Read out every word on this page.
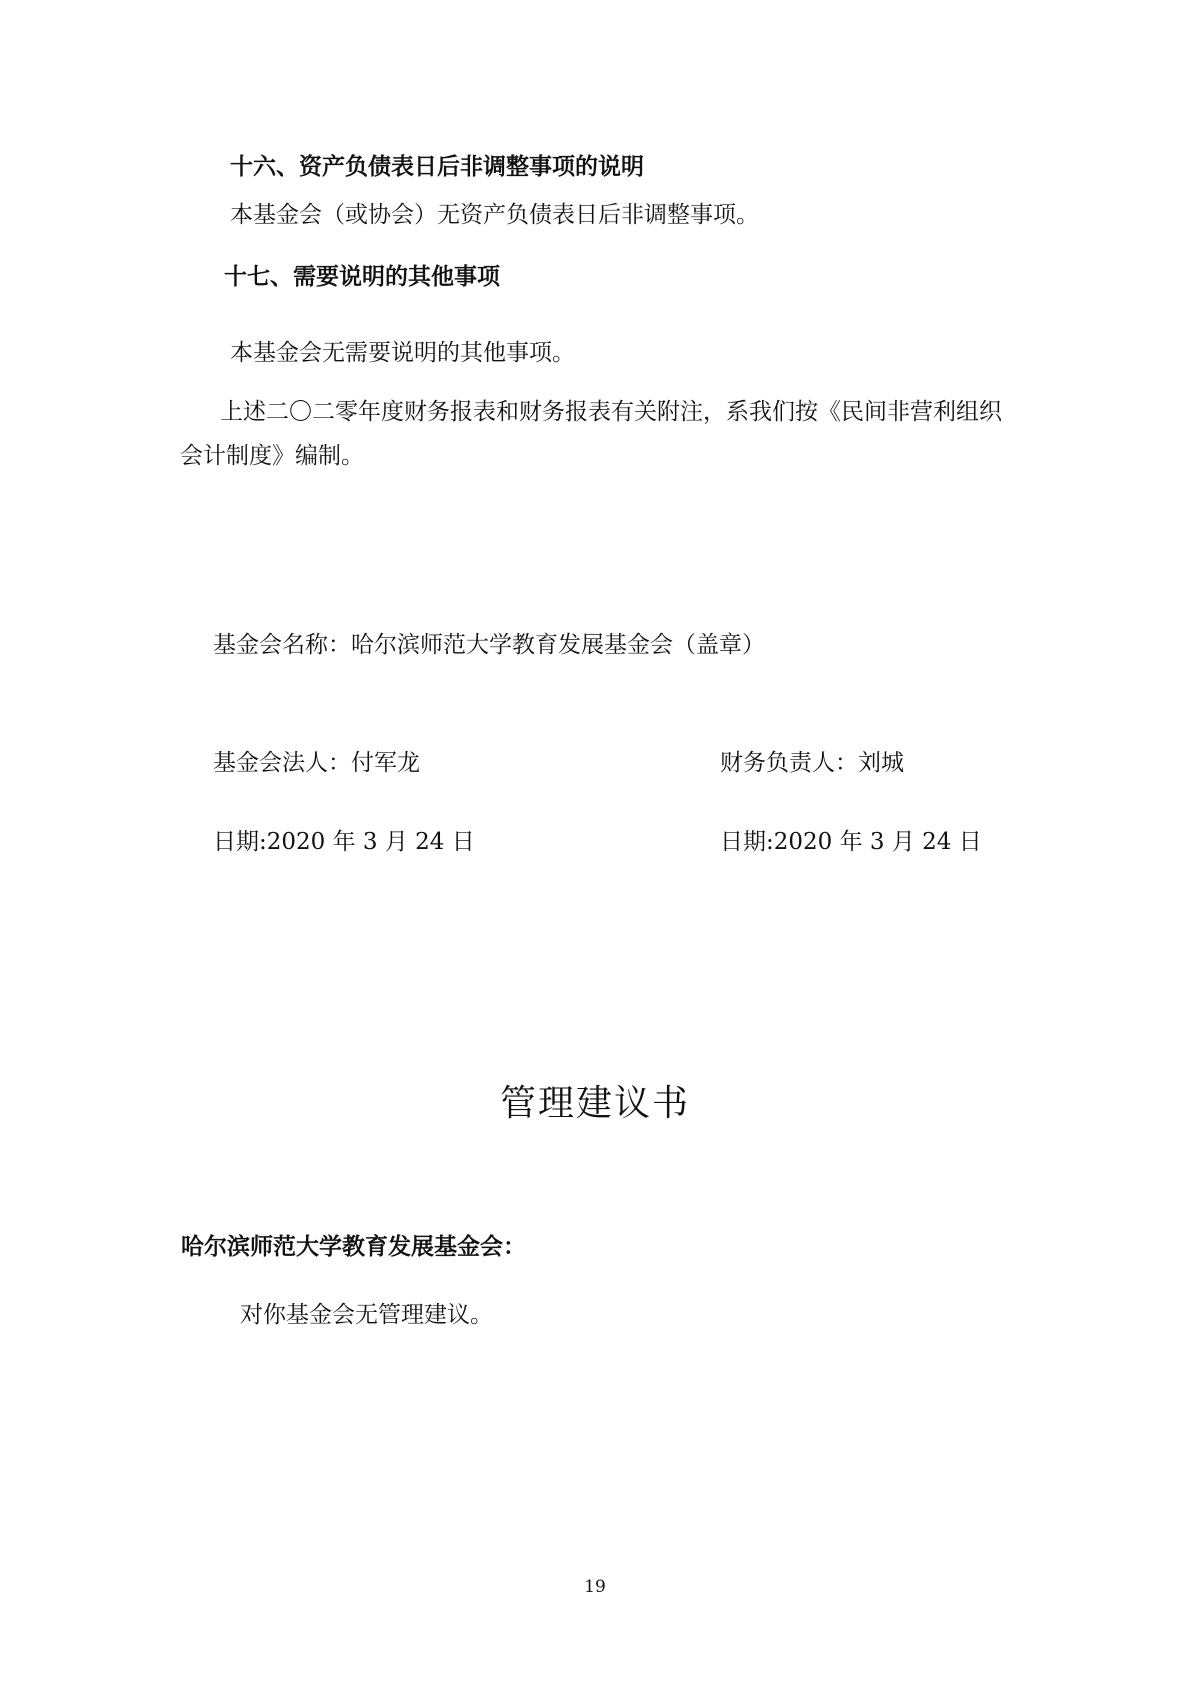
十六、资产负债表日后非调整事项的说明
本基金会（或协会）无资产负债表日后非调整事项。
十七、需要说明的其他事项
本基金会无需要说明的其他事项。
上述二〇二零年度财务报表和财务报表有关附注，系我们按《民间非营利组织会计制度》编制。
基金会名称：哈尔滨师范大学教育发展基金会（盖章）
基金会法人：付军龙	财务负责人：刘城
日期:2020 年 3 月 24 日	日期:2020 年 3 月 24 日
管理建议书
哈尔滨师范大学教育发展基金会：
对你基金会无管理建议。
19
